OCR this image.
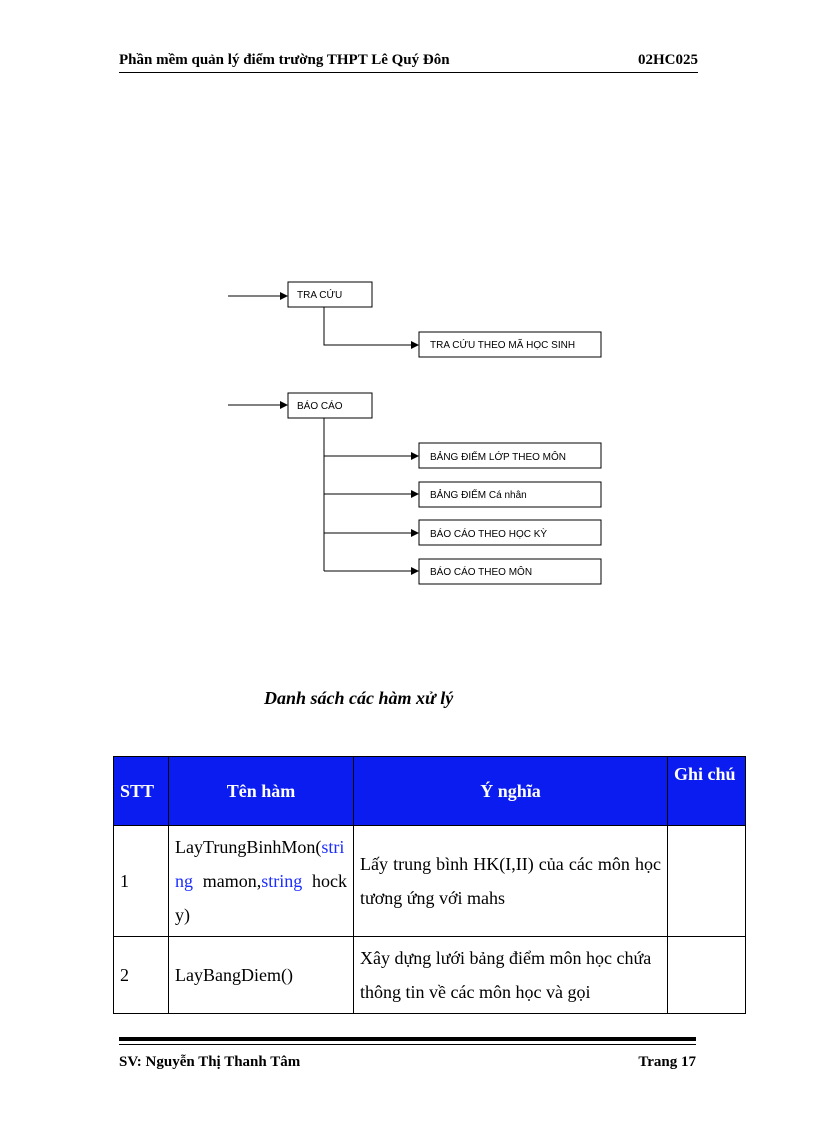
Phần mềm quản lý điểm trường THPT Lê Quý Đôn	02HC025
TRA CỨU
TRA CỨU THEO MÃ HỌC SINH
BÁO CÁO
BẢNG ĐIỂM LỚP THEO MÔN
BẢNG ĐIỂM Cá nhân
BÁO CÁO THEO HỌC KỲ
BÁO CÁO THEO MÔN
Danh sách các hàm xử lý
STT	Tên hàm	Ý nghĩa	Ghi chú
1	LayTrungBinhMon(string mamon,string hocky)	Lấy trung bình HK(I,II) của các môn học tương ứng với mahs	
2	LayBangDiem()	Xây dựng lưới bảng điểm môn học chứa thông tin về các môn học và gọi	
SV: Nguyễn Thị Thanh Tâm	Trang 17
